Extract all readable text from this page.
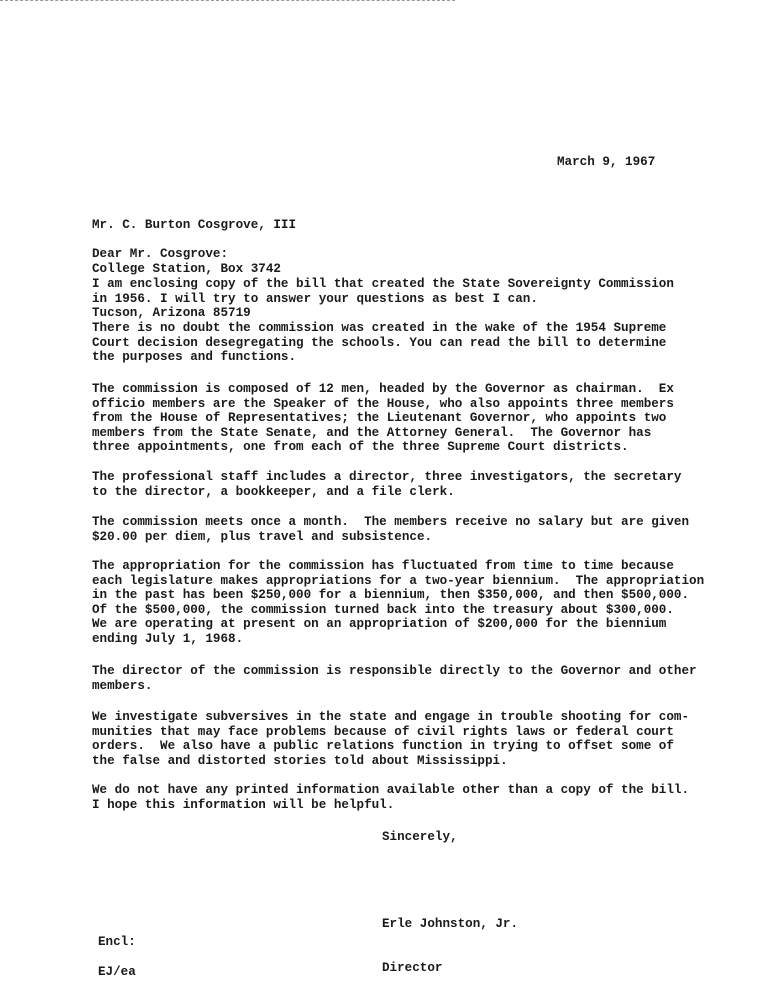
March 9, 1967

Mr. C. Burton Cosgrove, III

College Station, Box 3742

Tucson, Arizona 85719

Dear Mr. Cosgrove:
I am enclosing copy of the bill that created the State Sovereignty Commission
in 1956. I will try to answer your questions as best I can.
There is no doubt the commission was created in the wake of the 1954 Supreme
Court decision desegregating the schools. You can read the bill to determine
the purposes and functions.
The commission is composed of 12 men, headed by the Governor as chairman.  Ex
officio members are the Speaker of the House, who also appoints three members
from the House of Representatives; the Lieutenant Governor, who appoints two
members from the State Senate, and the Attorney General.  The Governor has
three appointments, one from each of the three Supreme Court districts.
The professional staff includes a director, three investigators, the secretary
to the director, a bookkeeper, and a file clerk.
The commission meets once a month.  The members receive no salary but are given
$20.00 per diem, plus travel and subsistence.
The appropriation for the commission has fluctuated from time to time because
each legislature makes appropriations for a two-year biennium.  The appropriation
in the past has been $250,000 for a biennium, then $350,000, and then $500,000.
Of the $500,000, the commission turned back into the treasury about $300,000.
We are operating at present on an appropriation of $200,000 for the biennium
ending July 1, 1968.
The director of the commission is responsible directly to the Governor and other
members.
We investigate subversives in the state and engage in trouble shooting for com-
munities that may face problems because of civil rights laws or federal court
orders.  We also have a public relations function in trying to offset some of
the false and distorted stories told about Mississippi.
We do not have any printed information available other than a copy of the bill.
I hope this information will be helpful.
Sincerely,

Erle Johnston, Jr.

Director

Encl:
EJ/ea
